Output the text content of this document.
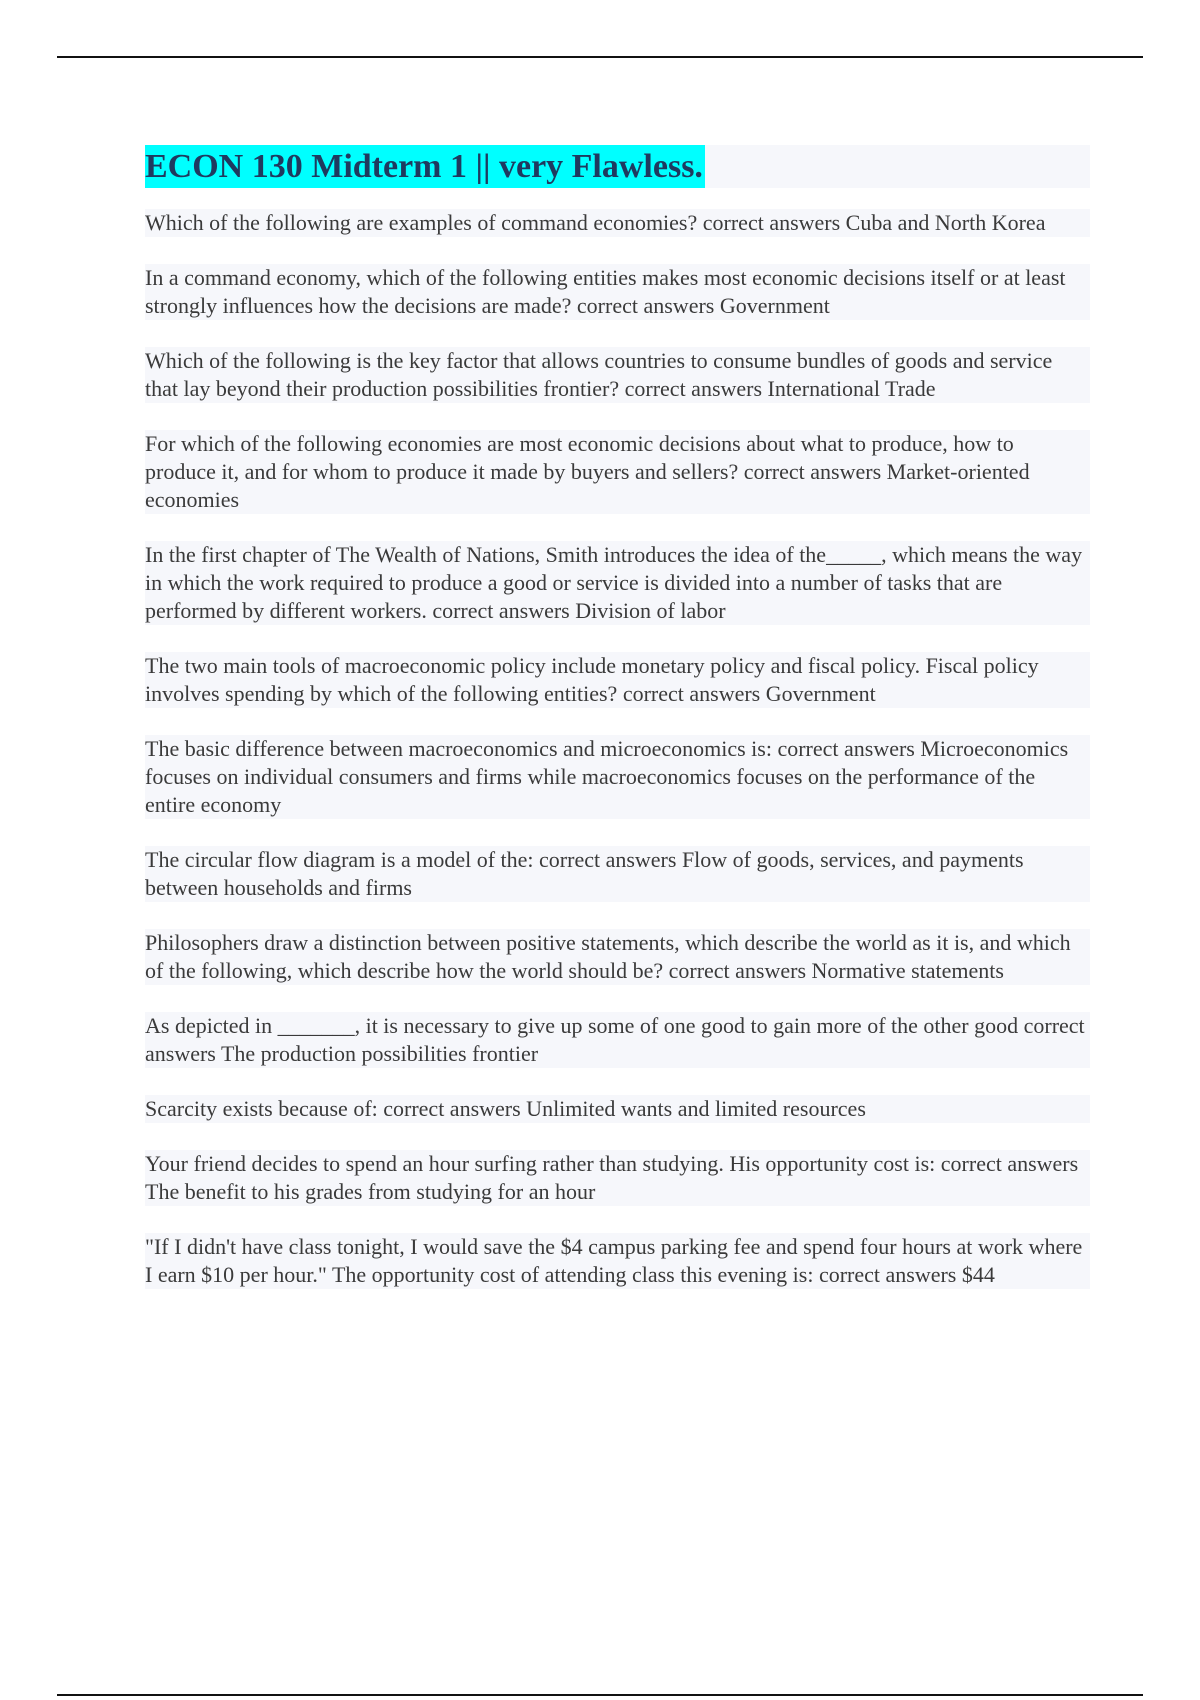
ECON 130 Midterm 1 || very Flawless.
Which of the following are examples of command economies? correct answers Cuba and North Korea
In a command economy, which of the following entities makes most economic decisions itself or at least strongly influences how the decisions are made? correct answers Government
Which of the following is the key factor that allows countries to consume bundles of goods and service that lay beyond their production possibilities frontier? correct answers International Trade
For which of the following economies are most economic decisions about what to produce, how to produce it, and for whom to produce it made by buyers and sellers? correct answers Market-oriented economies
In the first chapter of The Wealth of Nations, Smith introduces the idea of the_____, which means the way in which the work required to produce a good or service is divided into a number of tasks that are performed by different workers. correct answers Division of labor
The two main tools of macroeconomic policy include monetary policy and fiscal policy. Fiscal policy involves spending by which of the following entities? correct answers Government
The basic difference between macroeconomics and microeconomics is: correct answers Microeconomics focuses on individual consumers and firms while macroeconomics focuses on the performance of the entire economy
The circular flow diagram is a model of the: correct answers Flow of goods, services, and payments between households and firms
Philosophers draw a distinction between positive statements, which describe the world as it is, and which of the following, which describe how the world should be? correct answers Normative statements
As depicted in _______, it is necessary to give up some of one good to gain more of the other good correct answers The production possibilities frontier
Scarcity exists because of: correct answers Unlimited wants and limited resources
Your friend decides to spend an hour surfing rather than studying. His opportunity cost is: correct answers The benefit to his grades from studying for an hour
"If I didn't have class tonight, I would save the $4 campus parking fee and spend four hours at work where I earn $10 per hour." The opportunity cost of attending class this evening is: correct answers $44
